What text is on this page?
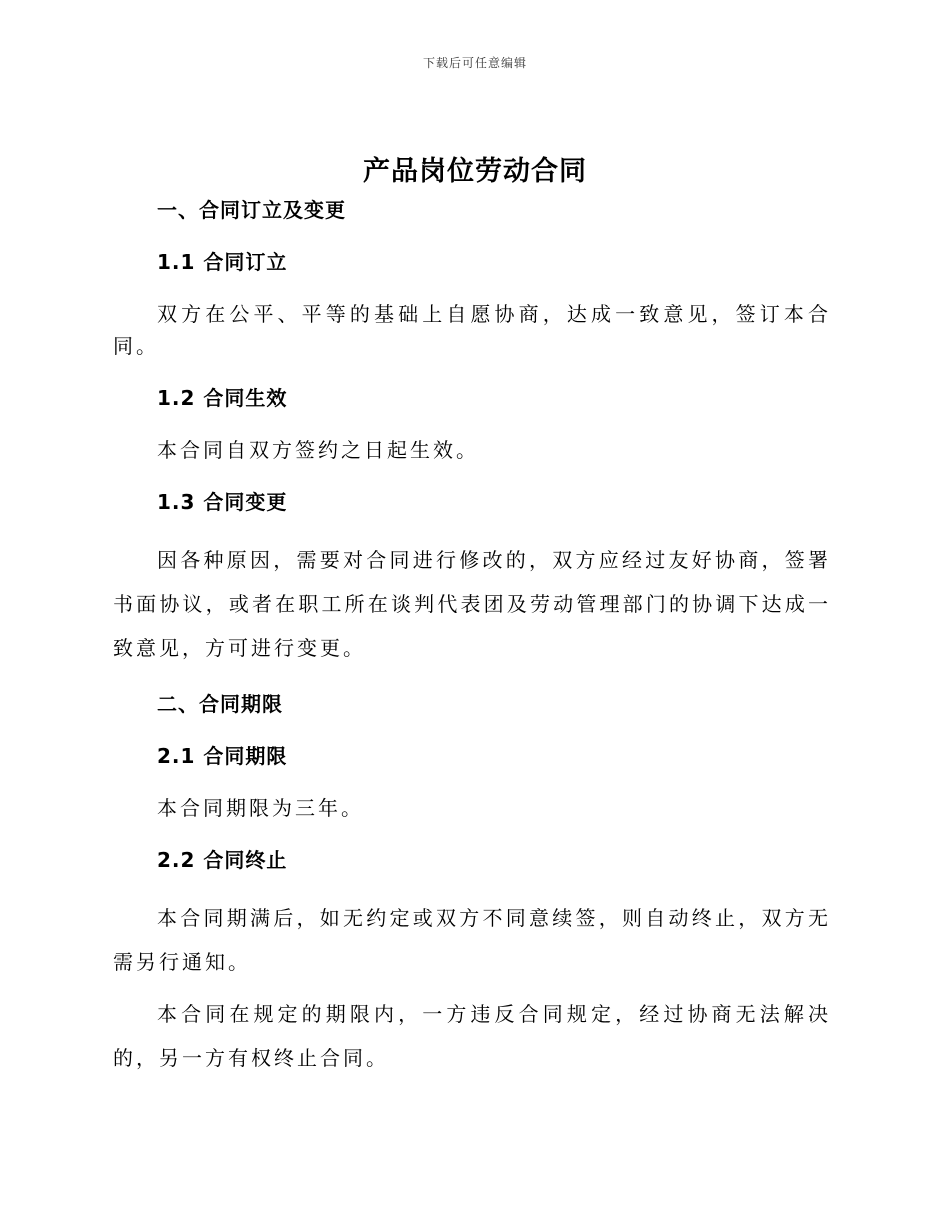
下载后可任意编辑
产品岗位劳动合同
一、合同订立及变更
1.1 合同订立
双方在公平、平等的基础上自愿协商，达成一致意见，签订本合同。
1.2 合同生效
本合同自双方签约之日起生效。
1.3 合同变更
因各种原因，需要对合同进行修改的，双方应经过友好协商，签署书面协议，或者在职工所在谈判代表团及劳动管理部门的协调下达成一致意见，方可进行变更。
二、合同期限
2.1 合同期限
本合同期限为三年。
2.2 合同终止
本合同期满后，如无约定或双方不同意续签，则自动终止，双方无需另行通知。
本合同在规定的期限内，一方违反合同规定，经过协商无法解决的，另一方有权终止合同。
